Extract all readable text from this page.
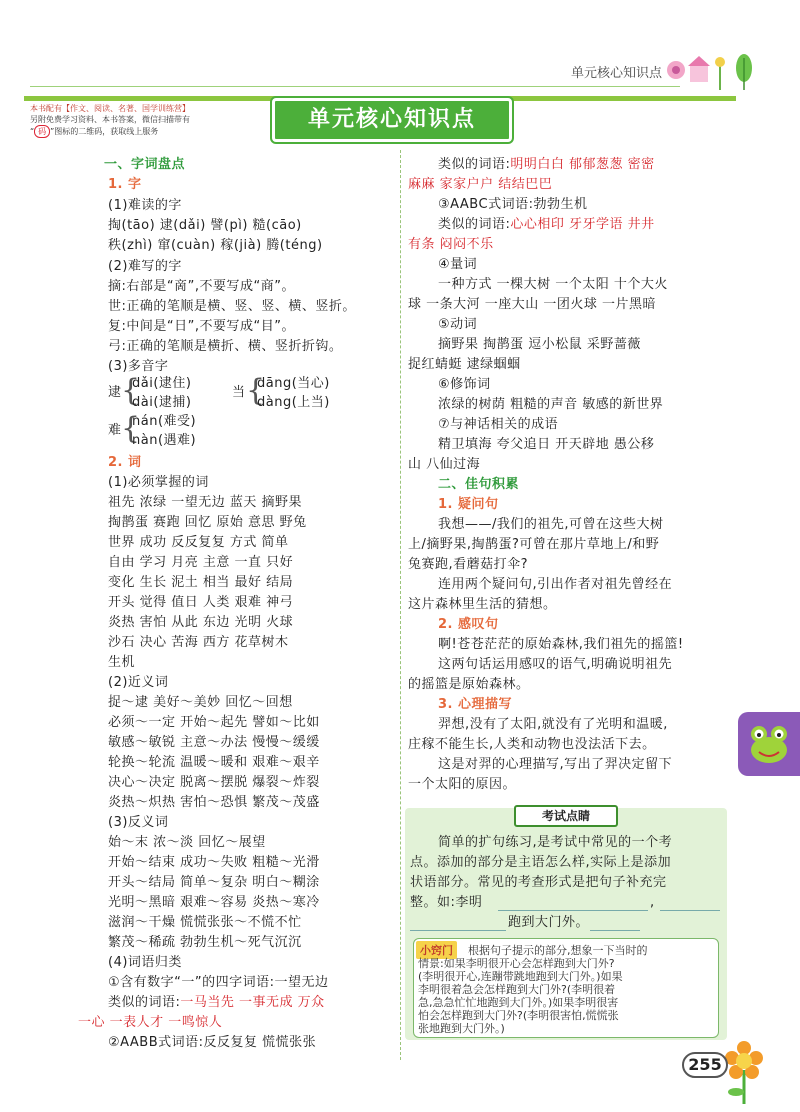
单元核心知识点
本书配有【作文、阅读、名著、国学训练营】
另附免费学习资料、本书答案，微信扫描带有
“ 码 ”图标的二维码，获取线上服务	单元核心知识点
一、字词盘点
1. 字
(1)难读的字
掏(tāo) 逮(dǎi) 譬(pì) 糙(cāo)
秩(zhì) 窜(cuàn) 稼(jià) 腾(téng)
(2)难写的字
摘:右部是“啇”,不要写成“商”。
世:正确的笔顺是横、竖、竖、横、竖折。
复:中间是“日”,不要写成“目”。
弓:正确的笔顺是横折、横、竖折折钩。
(3)多音字
逮 {
dǎi(逮住)
dài(逮捕)
当 {
dāng(当心)
dàng(上当)
难 {
nán(难受)
nàn(遇难)
2. 词
(1)必须掌握的词
祖先 浓绿 一望无边 蓝天 摘野果
掏鹊蛋 赛跑 回忆 原始 意思 野兔
世界 成功 反反复复 方式 简单
自由 学习 月亮 主意 一直 只好
变化 生长 泥土 相当 最好 结局
开头 觉得 值日 人类 艰难 神弓
炎热 害怕 从此 东边 光明 火球
沙石 决心 苦海 西方 花草树木
生机
(2)近义词
捉～逮 美好～美妙 回忆～回想
必须～一定 开始～起先 譬如～比如
敏感～敏锐 主意～办法 慢慢～缓缓
轮换～轮流 温暖～暖和 艰难～艰辛
决心～决定 脱离～摆脱 爆裂～炸裂
炎热～炽热 害怕～恐惧 繁茂～茂盛
(3)反义词
始～末 浓～淡 回忆～展望
开始～结束 成功～失败 粗糙～光滑
开头～结局 简单～复杂 明白～糊涂
光明～黑暗 艰难～容易 炎热～寒冷
滋润～干燥 慌慌张张～不慌不忙
繁茂～稀疏 勃勃生机～死气沉沉
(4)词语归类
①含有数字“一”的四字词语:一望无边
类似的词语:一马当先 一事无成 万众
一心 一表人才 一鸣惊人
②AABB式词语:反反复复 慌慌张张
类似的词语:明明白白 郁郁葱葱 密密
麻麻 家家户户 结结巴巴
③AABC式词语:勃勃生机
类似的词语:心心相印 牙牙学语 井井
有条 闷闷不乐
④量词
一种方式 一棵大树 一个太阳 十个大火
球 一条大河 一座大山 一团火球 一片黑暗
⑤动词
摘野果 掏鹊蛋 逗小松鼠 采野蔷薇
捉红蜻蜓 逮绿蝈蝈
⑥修饰词
浓绿的树荫 粗糙的声音 敏感的新世界
⑦与神话相关的成语
精卫填海 夸父追日 开天辟地 愚公移
山 八仙过海
二、佳句积累
1. 疑问句
我想——/我们的祖先,可曾在这些大树
上/摘野果,掏鹊蛋?可曾在那片草地上/和野
兔赛跑,看蘑菇打伞?
连用两个疑问句,引出作者对祖先曾经在
这片森林里生活的猜想。
2. 感叹句
啊!苍苍茫茫的原始森林,我们祖先的摇篮!
这两句话运用感叹的语气,明确说明祖先
的摇篮是原始森林。
3. 心理描写
羿想,没有了太阳,就没有了光明和温暖,
庄稼不能生长,人类和动物也没法活下去。
这是对羿的心理描写,写出了羿决定留下
一个太阳的原因。
考试点睛
简单的扩句练习,是考试中常见的一个考
点。添加的部分是主语怎么样,实际上是添加
状语部分。常见的考查形式是把句子补充完
整。如:李明	,
跑到大门外。
小窍门	根据句子提示的部分,想象一下当时的
情景:如果李明很开心会怎样跑到大门外?
(李明很开心,连蹦带跳地跑到大门外。)如果
李明很着急会怎样跑到大门外?(李明很着
急,急急忙忙地跑到大门外。)如果李明很害
怕会怎样跑到大门外?(李明很害怕,慌慌张
张地跑到大门外。)
255
